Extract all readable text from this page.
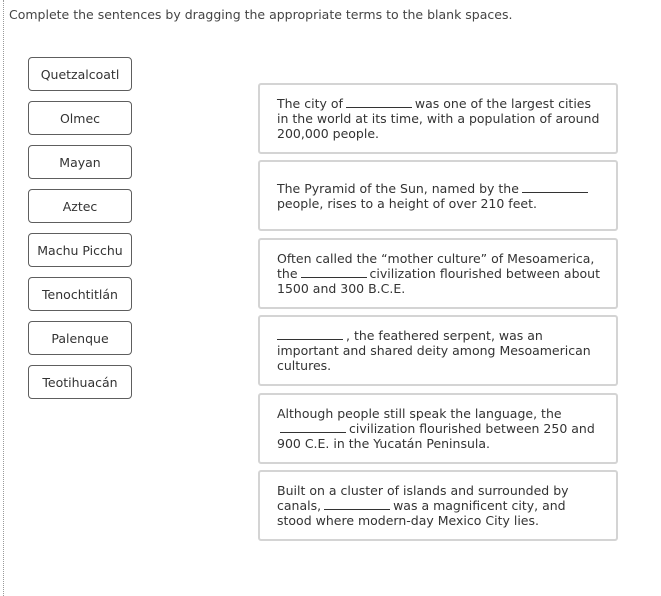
Complete the sentences by dragging the appropriate terms to the blank spaces.
Quetzalcoatl
Olmec
Mayan
Aztec
Machu Picchu
Tenochtitlán
Palenque
Teotihuacán
The city of	was one of the largest cities in the world at its time, with a population of around 200,000 people.
The Pyramid of the Sun, named by thepeople, rises to a height of over 210 feet.
Often called the “mother culture” of Mesoamerica, the	civilization flourished between about 1500 and 300 B.C.E.
, the feathered serpent, was an important and shared deity among Mesoamerican cultures.
Although people still speak the language, thecivilization flourished between 250 and 900 C.E. in the Yucatán Peninsula.
Built on a cluster of islands and surrounded by canals,	was a magnificent city, and stood where modern-day Mexico City lies.
